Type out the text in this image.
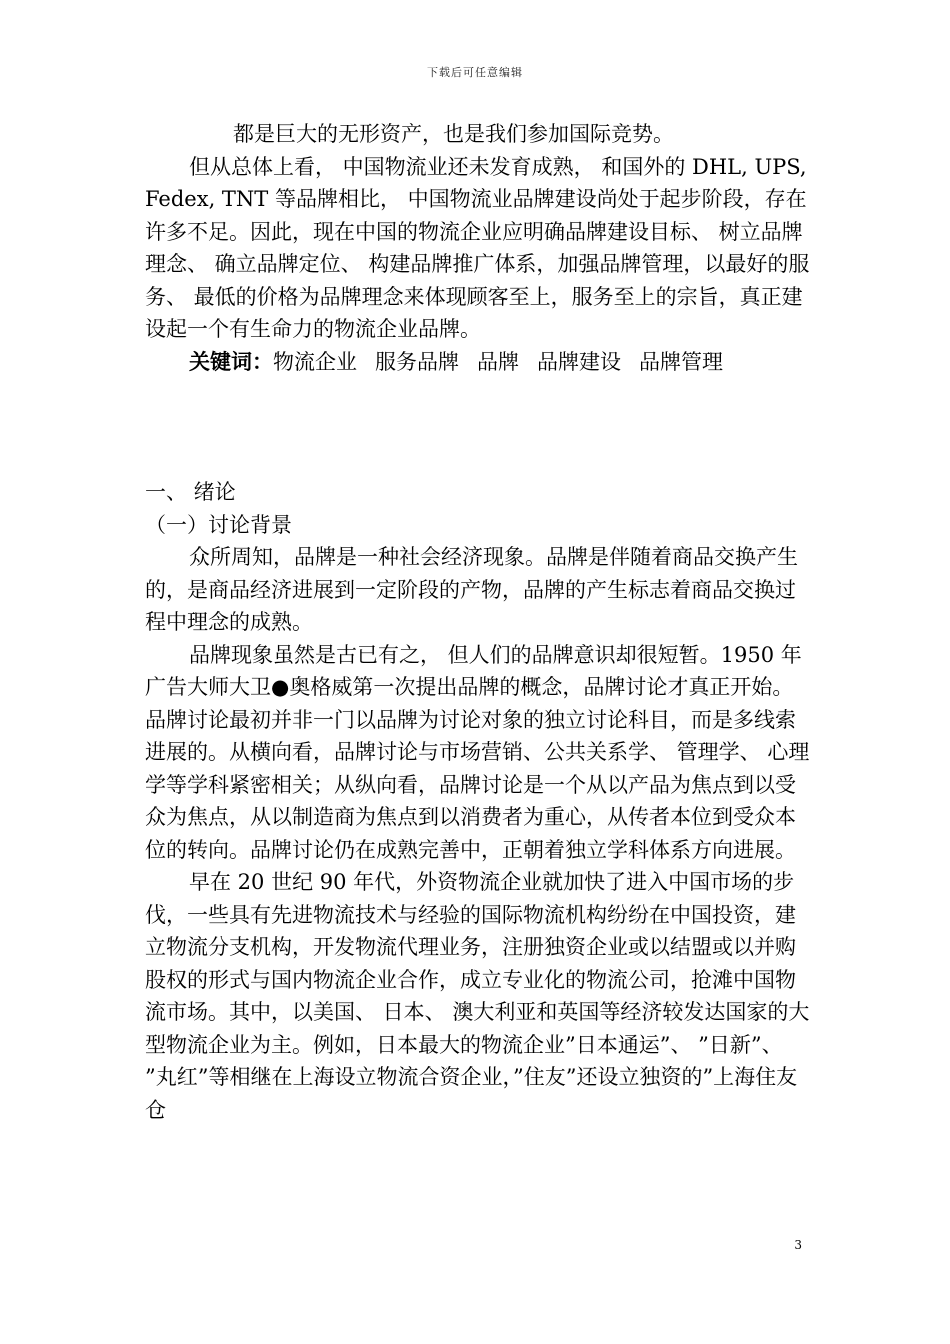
下载后可任意编辑

都是巨大的无形资产，也是我们参加国际竞势。

但从总体上看， 中国物流业还未发育成熟， 和国外的 DHL, UPS, Fedex, TNT 等品牌相比， 中国物流业品牌建设尚处于起步阶段，存在许多不足。因此，现在中国的物流企业应明确品牌建设目标、 树立品牌理念、 确立品牌定位、 构建品牌推广体系，加强品牌管理，以最好的服务、 最低的价格为品牌理念来体现顾客至上，服务至上的宗旨，真正建设起一个有生命力的物流企业品牌。

关键词：物流企业 服务品牌 品牌 品牌建设 品牌管理

一、 绪论

（一）讨论背景

众所周知，品牌是一种社会经济现象。品牌是伴随着商品交换产生的，是商品经济进展到一定阶段的产物，品牌的产生标志着商品交换过程中理念的成熟。

品牌现象虽然是古已有之， 但人们的品牌意识却很短暂。1950 年广告大师大卫●奥格威第一次提出品牌的概念，品牌讨论才真正开始。品牌讨论最初并非一门以品牌为讨论对象的独立讨论科目，而是多线索进展的。从横向看，品牌讨论与市场营销、公共关系学、 管理学、 心理学等学科紧密相关；从纵向看，品牌讨论是一个从以产品为焦点到以受众为焦点，从以制造商为焦点到以消费者为重心，从传者本位到受众本位的转向。品牌讨论仍在成熟完善中，正朝着独立学科体系方向进展。

早在 20 世纪 90 年代，外资物流企业就加快了进入中国市场的步伐，一些具有先进物流技术与经验的国际物流机构纷纷在中国投资，建立物流分支机构，开发物流代理业务，注册独资企业或以结盟或以并购股权的形式与国内物流企业合作，成立专业化的物流公司，抢滩中国物流市场。其中，以美国、 日本、 澳大利亚和英国等经济较发达国家的大型物流企业为主。例如，日本最大的物流企业”日本通运”、 ”日新”、 ”丸红”等相继在上海设立物流合资企业，”住友”还设立独资的”上海住友仓

3
